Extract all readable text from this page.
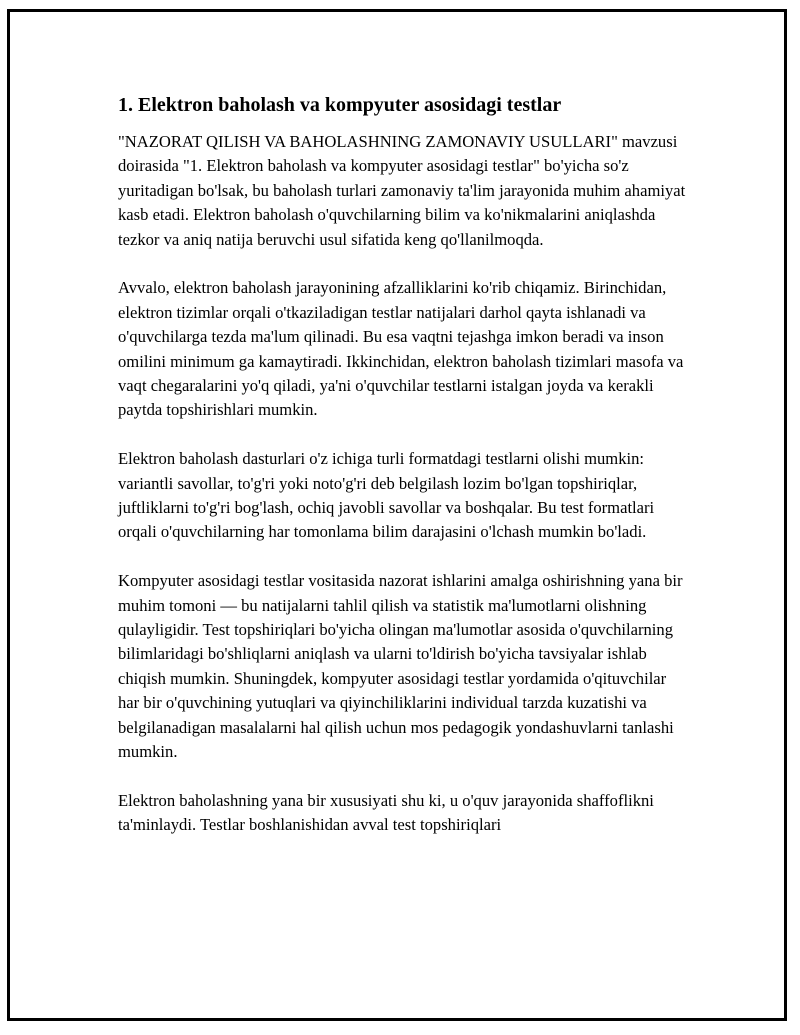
1. Elektron baholash va kompyuter asosidagi testlar

"NAZORAT QILISH VA BAHOLASHNING ZAMONAVIY USULLARI" mavzusi doirasida "1. Elektron baholash va kompyuter asosidagi testlar" bo'yicha so'z yuritadigan bo'lsak, bu baholash turlari zamonaviy ta'lim jarayonida muhim ahamiyat kasb etadi. Elektron baholash o'quvchilarning bilim va ko'nikmalarini aniqlashda tezkor va aniq natija beruvchi usul sifatida keng qo'llanilmoqda.

Avvalo, elektron baholash jarayonining afzalliklarini ko'rib chiqamiz. Birinchidan, elektron tizimlar orqali o'tkaziladigan testlar natijalari darhol qayta ishlanadi va o'quvchilarga tezda ma'lum qilinadi. Bu esa vaqtni tejashga imkon beradi va inson omilini minimum ga kamaytiradi. Ikkinchidan, elektron baholash tizimlari masofa va vaqt chegaralarini yo'q qiladi, ya'ni o'quvchilar testlarni istalgan joyda va kerakli paytda topshirishlari mumkin.

Elektron baholash dasturlari o'z ichiga turli formatdagi testlarni olishi mumkin: variantli savollar, to'g'ri yoki noto'g'ri deb belgilash lozim bo'lgan topshiriqlar, juftliklarni to'g'ri bog'lash, ochiq javobli savollar va boshqalar. Bu test formatlari orqali o'quvchilarning har tomonlama bilim darajasini o'lchash mumkin bo'ladi.

Kompyuter asosidagi testlar vositasida nazorat ishlarini amalga oshirishning yana bir muhim tomoni — bu natijalarni tahlil qilish va statistik ma'lumotlarni olishning qulayligidir. Test topshiriqlari bo'yicha olingan ma'lumotlar asosida o'quvchilarning bilimlaridagi bo'shliqlarni aniqlash va ularni to'ldirish bo'yicha tavsiyalar ishlab chiqish mumkin. Shuningdek, kompyuter asosidagi testlar yordamida o'qituvchilar har bir o'quvchining yutuqlari va qiyinchiliklarini individual tarzda kuzatishi va belgilanadigan masalalarni hal qilish uchun mos pedagogik yondashuvlarni tanlashi mumkin.

Elektron baholashning yana bir xususiyati shu ki, u o'quv jarayonida shaffoflikni ta'minlaydi. Testlar boshlanishidan avval test topshiriqlari
